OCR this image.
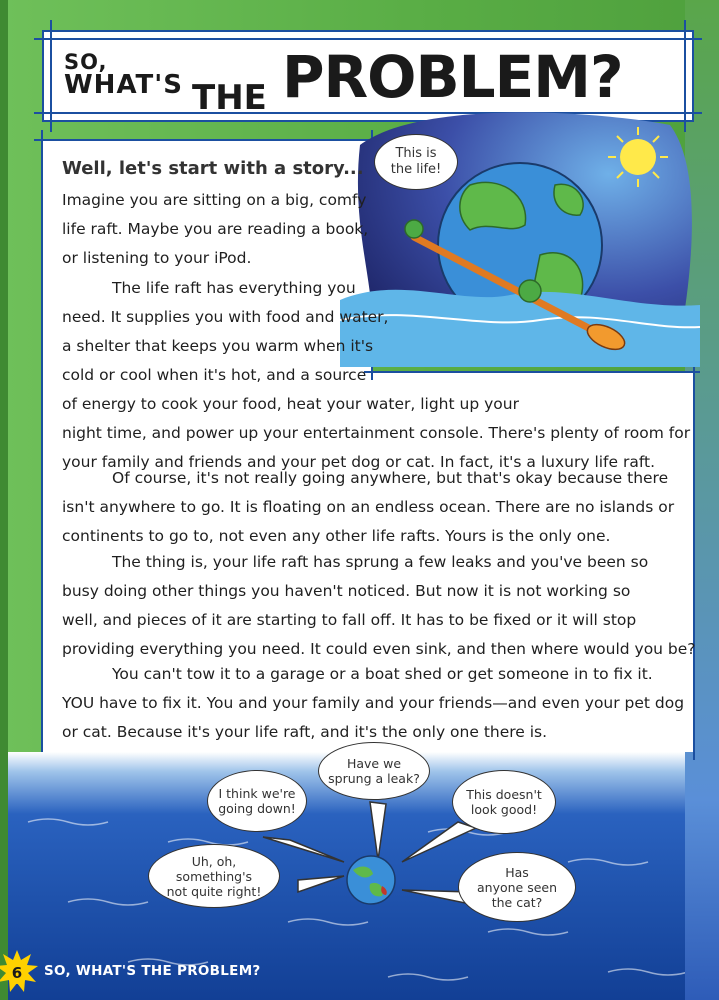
SO,
WHAT'S THE PROBLEM?
This is
the life!
Well, let's start with a story...
Imagine you are sitting on a big, comfy
life raft. Maybe you are reading a book,
or listening to your iPod.
The life raft has everything you
need. It supplies you with food and water,
a shelter that keeps you warm when it's
cold or cool when it's hot, and a source
of energy to cook your food, heat your water, light up your
night time, and power up your entertainment console. There's plenty of room for
your family and friends and your pet dog or cat. In fact, it's a luxury life raft.
Of course, it's not really going anywhere, but that's okay because there
isn't anywhere to go. It is floating on an endless ocean. There are no islands or
continents to go to, not even any other life rafts. Yours is the only one.
The thing is, your life raft has sprung a few leaks and you've been so
busy doing other things you haven't noticed. But now it is not working so
well, and pieces of it are starting to fall off. It has to be fixed or it will stop
providing everything you need. It could even sink, and then where would you be?
You can't tow it to a garage or a boat shed or get someone in to fix it.
YOU have to fix it. You and your family and your friends—and even your pet dog
or cat. Because it's your life raft, and it's the only one there is.
I think we're
going down!
Have we
sprung a leak?
This doesn't
look good!
Uh, oh,
something's
not quite right!
Has
anyone seen
the cat?
6	SO, WHAT'S THE PROBLEM?
